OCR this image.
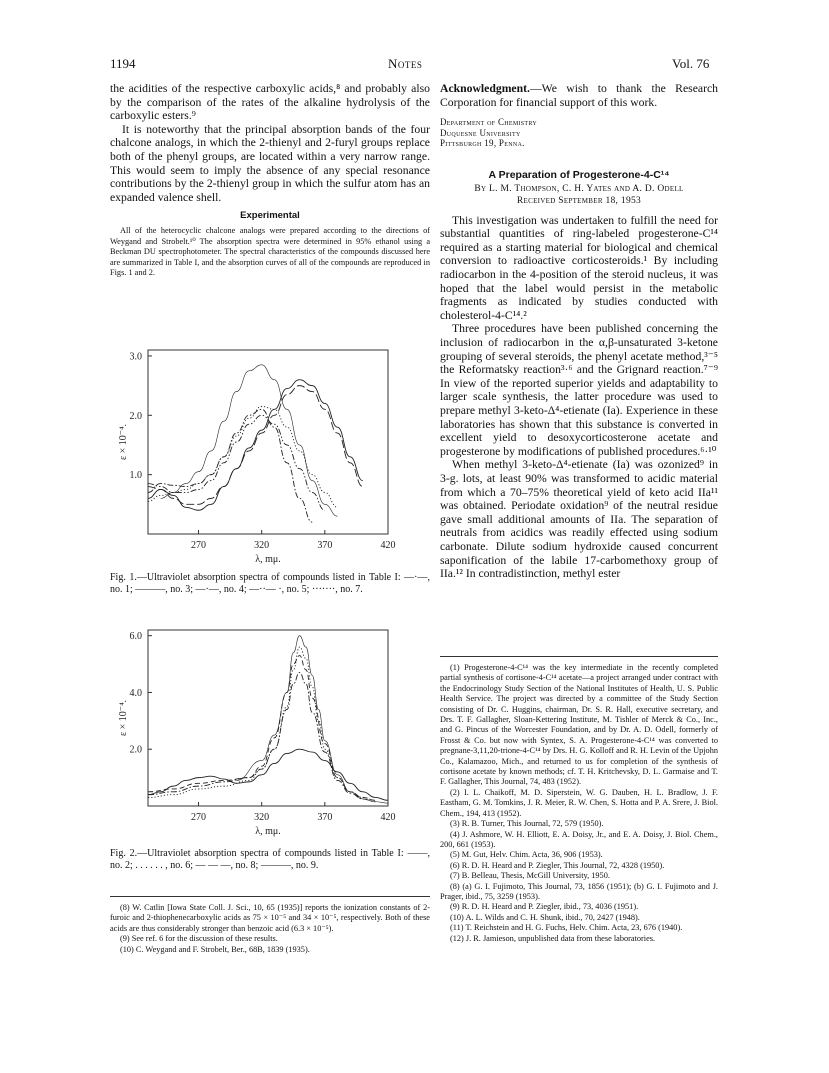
1194	Notes	Vol. 76

the acidities of the respective carboxylic acids,⁸ and probably also by the comparison of the rates of the alkaline hydrolysis of the carboxylic esters.⁹

It is noteworthy that the principal absorption bands of the four chalcone analogs, in which the 2-thienyl and 2-furyl groups replace both of the phenyl groups, are located within a very narrow range. This would seem to imply the absence of any special resonance contributions by the 2-thienyl group in which the sulfur atom has an expanded valence shell.

Experimental

All of the heterocyclic chalcone analogs were prepared according to the directions of Weygand and Strobelt.¹⁰ The absorption spectra were determined in 95% ethanol using a Beckman DU spectrophotometer. The spectral characteristics of the compounds discussed here are summarized in Table I, and the absorption curves of all of the compounds are reproduced in Figs. 1 and 2.

270	320	370	420
1.0
2.0
3.0
λ, mμ.
ε × 10⁻⁴.

Fig. 1.—Ultraviolet absorption spectra of compounds listed in Table I: —·—, no. 1; ———, no. 3; —·—, no. 4; —··— ·, no. 5; ·······, no. 7.

270	320	370	420
2.0
4.0
6.0
λ, mμ.
ε × 10⁻⁴.

Fig. 2.—Ultraviolet absorption spectra of compounds listed in Table I: ——, no. 2; . . . . . . , no. 6; — — —, no. 8; ———, no. 9.

(8) W. Catlin [Iowa State Coll. J. Sci., 10, 65 (1935)] reports the ionization constants of 2-furoic and 2-thiophenecarboxylic acids as 75 × 10⁻⁵ and 34 × 10⁻⁵, respectively. Both of these acids are thus considerably stronger than benzoic acid (6.3 × 10⁻⁵).

(9) See ref. 6 for the discussion of these results.

(10) C. Weygand and F. Strobelt, Ber., 68B, 1839 (1935).

Acknowledgment.—We wish to thank the Research Corporation for financial support of this work.

Department of Chemistry

Duquesne University

Pittsburgh 19, Penna.

A Preparation of Progesterone-4-C¹⁴

By L. M. Thompson, C. H. Yates and A. D. Odell

Received September 18, 1953

This investigation was undertaken to fulfill the need for substantial quantities of ring-labeled progesterone-C¹⁴ required as a starting material for biological and chemical conversion to radioactive corticosteroids.¹ By including radiocarbon in the 4-position of the steroid nucleus, it was hoped that the label would persist in the metabolic fragments as indicated by studies conducted with cholesterol-4-C¹⁴.²

Three procedures have been published concerning the inclusion of radiocarbon in the α,β-unsaturated 3-ketone grouping of several steroids, the phenyl acetate method,³⁻⁵ the Reformatsky reaction³·⁶ and the Grignard reaction.⁷⁻⁹ In view of the reported superior yields and adaptability to larger scale synthesis, the latter procedure was used to prepare methyl 3-keto-Δ⁴-etienate (Ia). Experience in these laboratories has shown that this substance is converted in excellent yield to desoxycorticosterone acetate and progesterone by modifications of published procedures.⁶·¹⁰

When methyl 3-keto-Δ⁴-etienate (Ia) was ozonized⁹ in 3-g. lots, at least 90% was transformed to acidic material from which a 70–75% theoretical yield of keto acid IIa¹¹ was obtained. Periodate oxidation⁹ of the neutral residue gave small additional amounts of IIa. The separation of neutrals from acidics was readily effected using sodium carbonate. Dilute sodium hydroxide caused concurrent saponification of the labile 17-carbomethoxy group of IIa.¹² In contradistinction, methyl ester

(1) Progesterone-4-C¹⁴ was the key intermediate in the recently completed partial synthesis of cortisone-4-C¹⁴ acetate—a project arranged under contract with the Endocrinology Study Section of the National Institutes of Health, U. S. Public Health Service. The project was directed by a committee of the Study Section consisting of Dr. C. Huggins, chairman, Dr. S. R. Hall, executive secretary, and Drs. T. F. Gallagher, Sloan-Kettering Institute, M. Tishler of Merck & Co., Inc., and G. Pincus of the Worcester Foundation, and by Dr. A. D. Odell, formerly of Frosst & Co. but now with Syntex, S. A. Progesterone-4-C¹⁴ was converted to pregnane-3,11,20-trione-4-C¹⁴ by Drs. H. G. Kolloff and R. H. Levin of the Upjohn Co., Kalamazoo, Mich., and returned to us for completion of the synthesis of cortisone acetate by known methods; cf. T. H. Kritchevsky, D. L. Garmaise and T. F. Gallagher, This Journal, 74, 483 (1952).

(2) I. L. Chaikoff, M. D. Siperstein, W. G. Dauben, H. L. Bradlow, J. F. Eastham, G. M. Tomkins, J. R. Meier, R. W. Chen, S. Hotta and P. A. Srere, J. Biol. Chem., 194, 413 (1952).

(3) R. B. Turner, This Journal, 72, 579 (1950).

(4) J. Ashmore, W. H. Elliott, E. A. Doisy, Jr., and E. A. Doisy, J. Biol. Chem., 200, 661 (1953).

(5) M. Gut, Helv. Chim. Acta, 36, 906 (1953).

(6) R. D. H. Heard and P. Ziegler, This Journal, 72, 4328 (1950).

(7) B. Belleau, Thesis, McGill University, 1950.

(8) (a) G. I. Fujimoto, This Journal, 73, 1856 (1951); (b) G. I. Fujimoto and J. Prager, ibid., 75, 3259 (1953).

(9) R. D. H. Heard and P. Ziegler, ibid., 73, 4036 (1951).

(10) A. L. Wilds and C. H. Shunk, ibid., 70, 2427 (1948).

(11) T. Reichstein and H. G. Fuchs, Helv. Chim. Acta, 23, 676 (1940).

(12) J. R. Jamieson, unpublished data from these laboratories.
